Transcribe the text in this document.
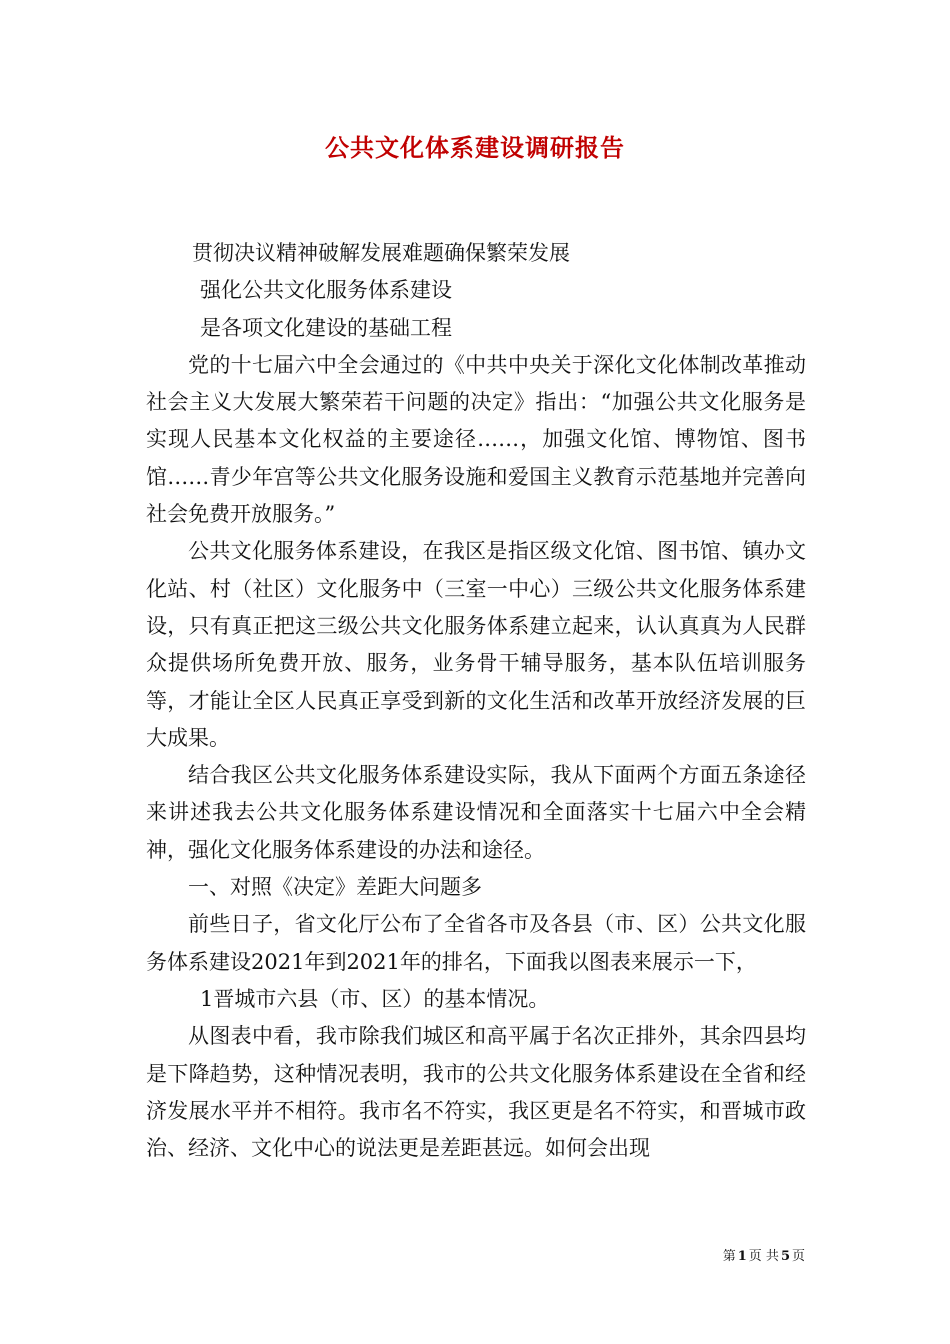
公共文化体系建设调研报告

贯彻决议精神破解发展难题确保繁荣发展

强化公共文化服务体系建设

是各项文化建设的基础工程

党的十七届六中全会通过的《中共中央关于深化文化体制改革推动社会主义大发展大繁荣若干问题的决定》指出：“加强公共文化服务是实现人民基本文化权益的主要途径……，加强文化馆、博物馆、图书馆……青少年宫等公共文化服务设施和爱国主义教育示范基地并完善向社会免费开放服务。”

公共文化服务体系建设，在我区是指区级文化馆、图书馆、镇办文化站、村（社区）文化服务中（三室一中心）三级公共文化服务体系建设，只有真正把这三级公共文化服务体系建立起来，认认真真为人民群众提供场所免费开放、服务，业务骨干辅导服务，基本队伍培训服务等，才能让全区人民真正享受到新的文化生活和改革开放经济发展的巨大成果。

结合我区公共文化服务体系建设实际，我从下面两个方面五条途径来讲述我去公共文化服务体系建设情况和全面落实十七届六中全会精神，强化文化服务体系建设的办法和途径。

一、对照《决定》差距大问题多

前些日子，省文化厅公布了全省各市及各县（市、区）公共文化服务体系建设2021年到2021年的排名，下面我以图表来展示一下，

1晋城市六县（市、区）的基本情况。

从图表中看，我市除我们城区和高平属于名次正排外，其余四县均是下降趋势，这种情况表明，我市的公共文化服务体系建设在全省和经济发展水平并不相符。我市名不符实，我区更是名不符实，和晋城市政治、经济、文化中心的说法更是差距甚远。如何会出现

第 1 页 共 5 页
